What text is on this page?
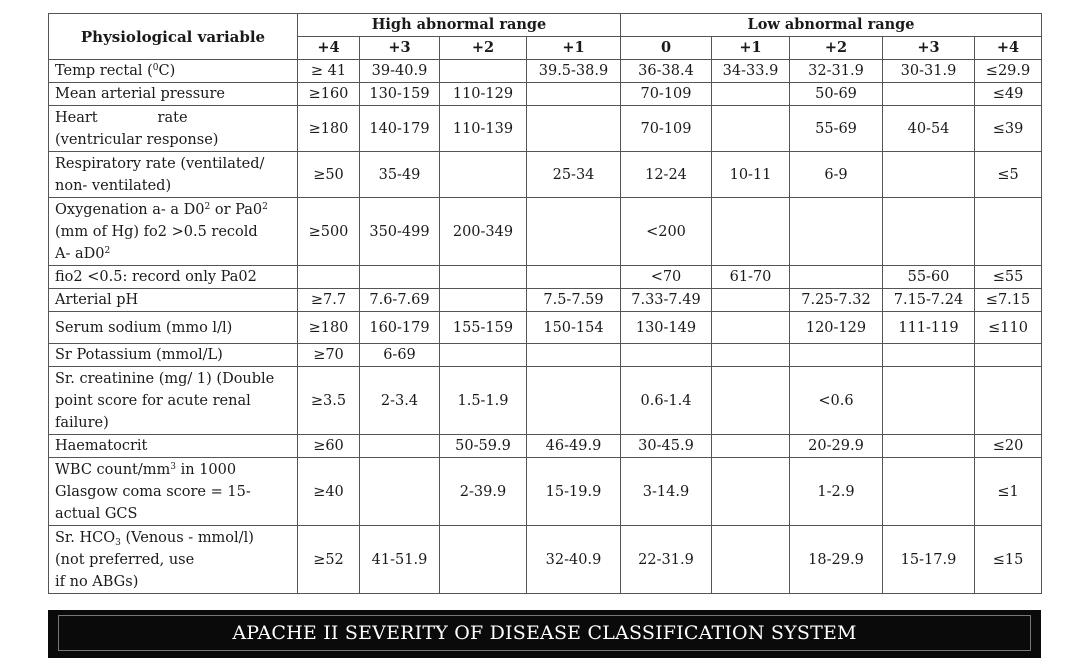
Physiological variable	High abnormal range				Low abnormal range				
	+4	+3	+2	+1	0	+1	+2	+3	+4
Temp rectal ($^0$C)	≥ 41	39-40.9		39.5-38.9	36-38.4	34-33.9	32-31.9	30-31.9	≤29.9
Mean arterial pressure	≥160	130-159	110-129		70-109		50-69		≤49
Heart             rate
(ventricular response)	≥180	140-179	110-139		70-109		55-69	40-54	≤39
Respiratory rate (ventilated/
non- ventilated)	≥50	35-49		25-34	12-24	10-11	6-9		≤5
Oxygenation a- a $D0^2$ or $Pa0^2$
(mm of Hg) fo2 >0.5 recold
A- $aD0^2$	≥500	350-499	200-349		<200				
fio2 <0.5: record only Pa02					<70	61-70		55-60	≤55
Arterial pH	≥7.7	7.6-7.69		7.5-7.59	7.33-7.49		7.25-7.32	7.15-7.24	≤7.15
Serum sodium (mmo l/l)	≥180	160-179	155-159	150-154	130-149		120-129	111-119	≤110
Sr Potassium (mmol/L)	≥70	6-69							
Sr. creatinine (mg/ 1) (Double
point score for acute renal
failure)	≥3.5	2-3.4	1.5-1.9		0.6-1.4		<0.6		
Haematocrit	≥60		50-59.9	46-49.9	30-45.9		20-29.9		≤20
WBC count/$mm^3$ in 1000
Glasgow coma score = 15-
actual GCS	≥40		2-39.9	15-19.9	3-14.9		1-2.9		≤1
Sr. $HCO_3$ (Venous - mmol/l)
(not preferred, use
if no ABGs)	≥52	41-51.9		32-40.9	22-31.9		18-29.9	15-17.9	≤15
APACHE II SEVERITY OF DISEASE CLASSIFICATION SYSTEM
